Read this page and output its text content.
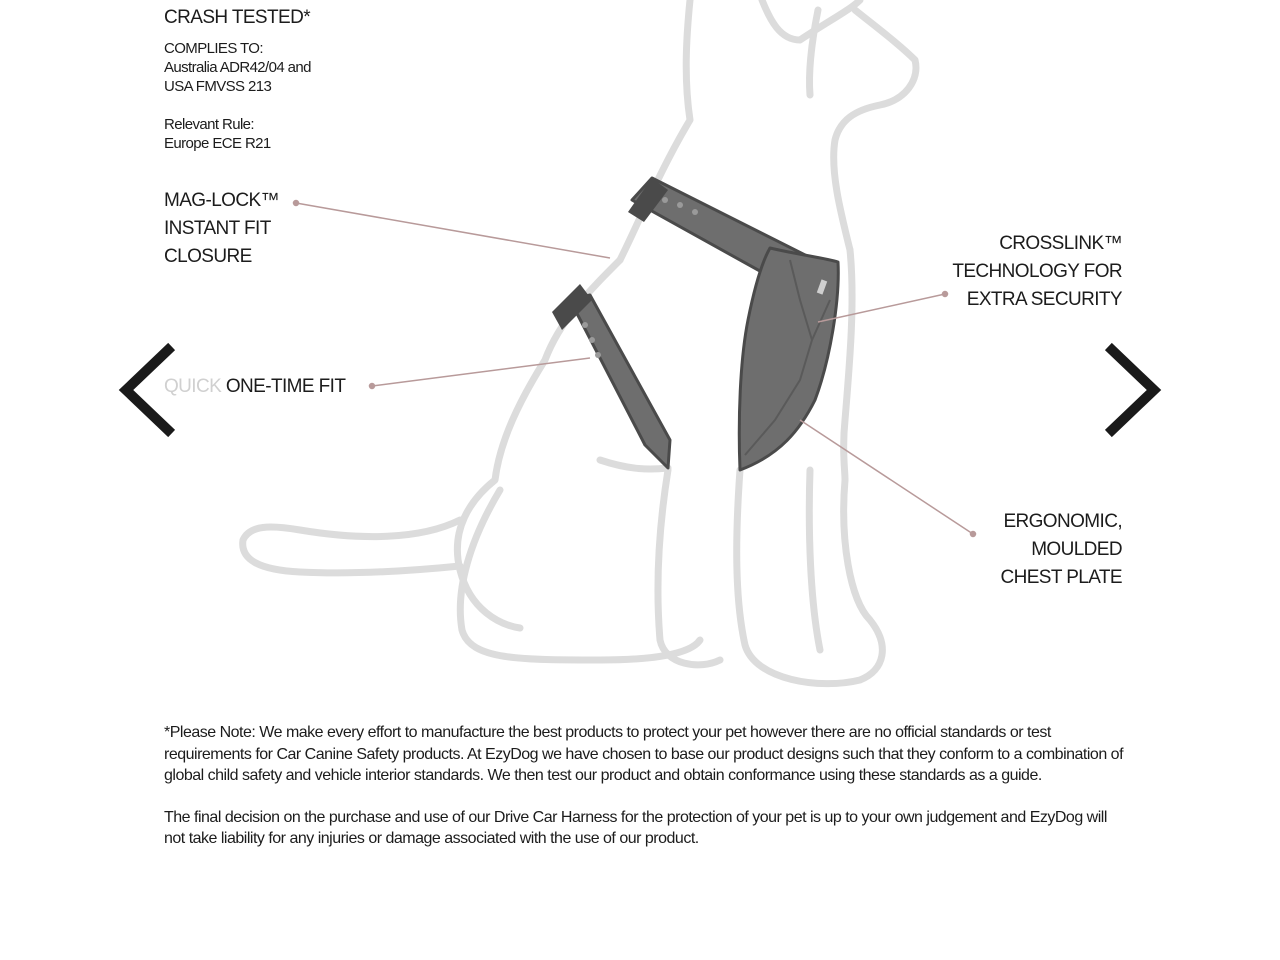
CRASH TESTED*
COMPLIES TO:
Australia ADR42/04 and
USA FMVSS 213
Relevant Rule:
Europe ECE R21
MAG-LOCK™
INSTANT FIT
CLOSURE
QUICK ONE-TIME FIT
CROSSLINK™
TECHNOLOGY FOR
EXTRA SECURITY
ERGONOMIC,
MOULDED
CHEST PLATE

*Please Note: We make every effort to manufacture the best products to protect your pet however there are no official standards or test requirements for Car Canine Safety products. At EzyDog we have chosen to base our product designs such that they conform to a combination of global child safety and vehicle interior standards. We then test our product and obtain conformance using these standards as a guide.

The final decision on the purchase and use of our Drive Car Harness for the protection of your pet is up to your own judgement and EzyDog will not take liability for any injuries or damage associated with the use of our product.
